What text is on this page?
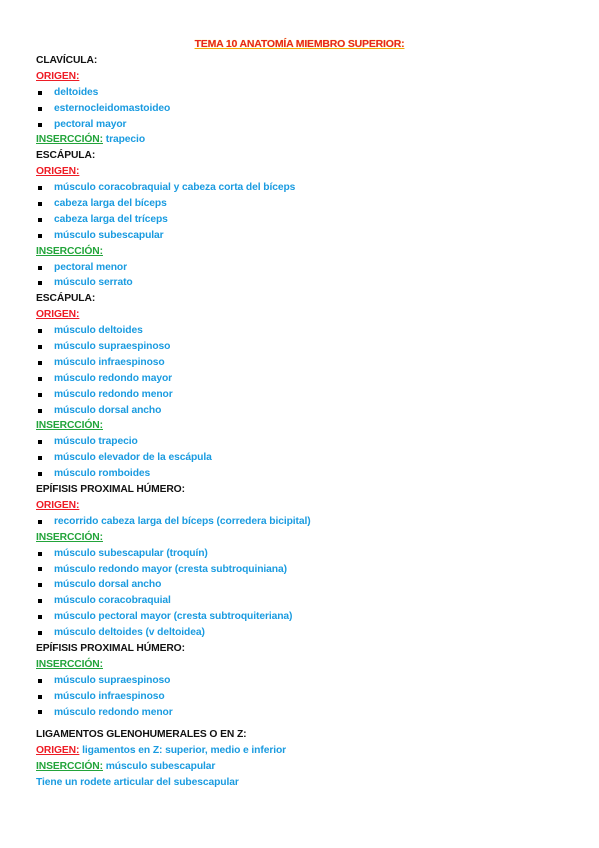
TEMA 10 ANATOMÍA MIEMBRO SUPERIOR:
CLAVÍCULA:
ORIGEN:
deltoides
esternocleidomastoideo
pectoral mayor
INSERCCIÓN: trapecio
ESCÁPULA:
ORIGEN:
músculo coracobraquial y cabeza corta del bíceps
cabeza larga del bíceps
cabeza larga del tríceps
músculo subescapular
INSERCCIÓN:
pectoral menor
músculo serrato
ESCÁPULA:
ORIGEN:
músculo deltoides
músculo supraespinoso
músculo infraespinoso
músculo redondo mayor
músculo redondo menor
músculo dorsal ancho
INSERCCIÓN:
músculo trapecio
músculo elevador de la escápula
músculo romboides
EPÍFISIS PROXIMAL HÚMERO:
ORIGEN:
recorrido cabeza larga del bíceps (corredera bicipital)
INSERCCIÓN:
músculo subescapular (troquín)
músculo redondo mayor (cresta subtroquiniana)
músculo dorsal ancho
músculo coracobraquial
músculo pectoral mayor (cresta subtroquiteriana)
músculo deltoides (v deltoidea)
EPÍFISIS PROXIMAL HÚMERO:
INSERCCIÓN:
músculo supraespinoso
músculo infraespinoso
músculo redondo menor
LIGAMENTOS GLENOHUMERALES O EN Z:
ORIGEN: ligamentos en Z: superior, medio e inferior
INSERCCIÓN: músculo subescapular
Tiene un rodete articular del subescapular
